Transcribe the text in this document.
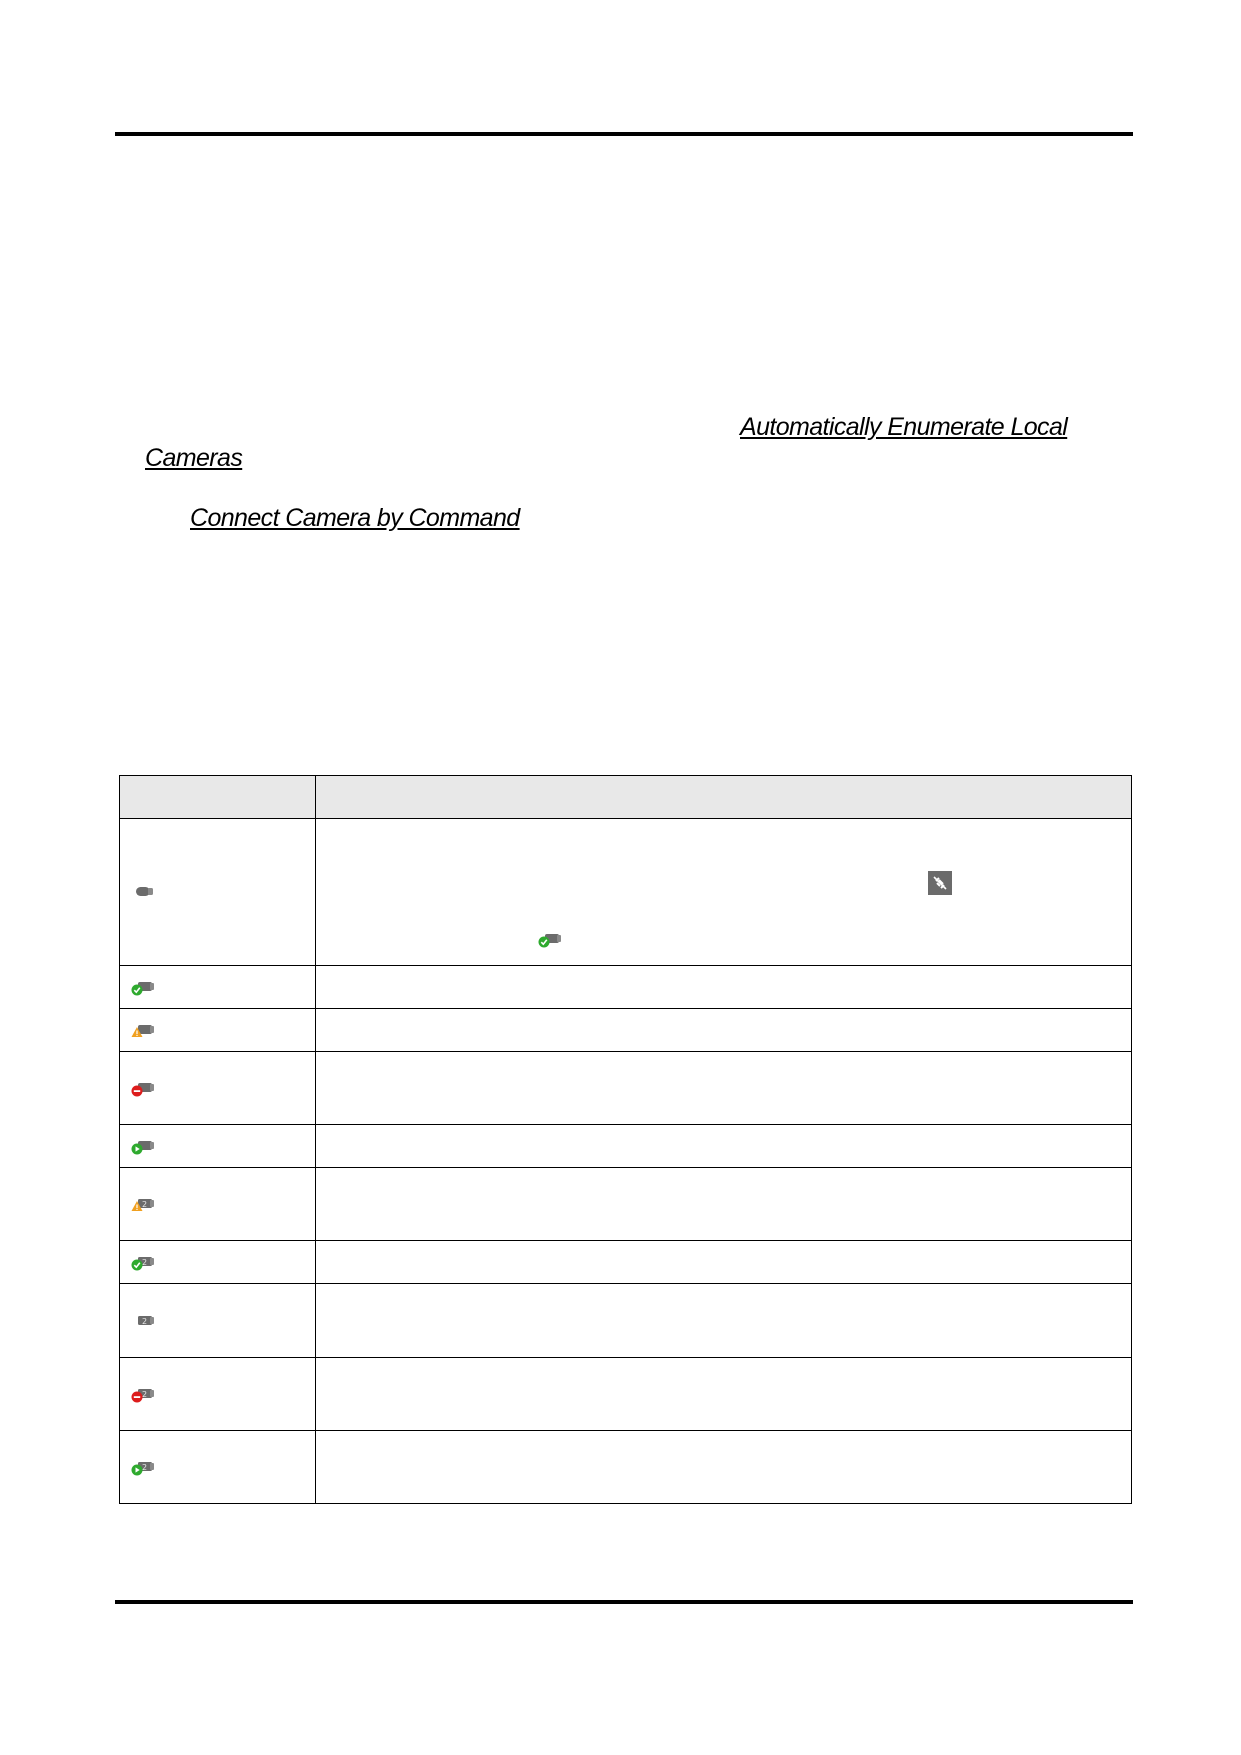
Automatically Enumerate Local
Cameras
Connect Camera by Command
